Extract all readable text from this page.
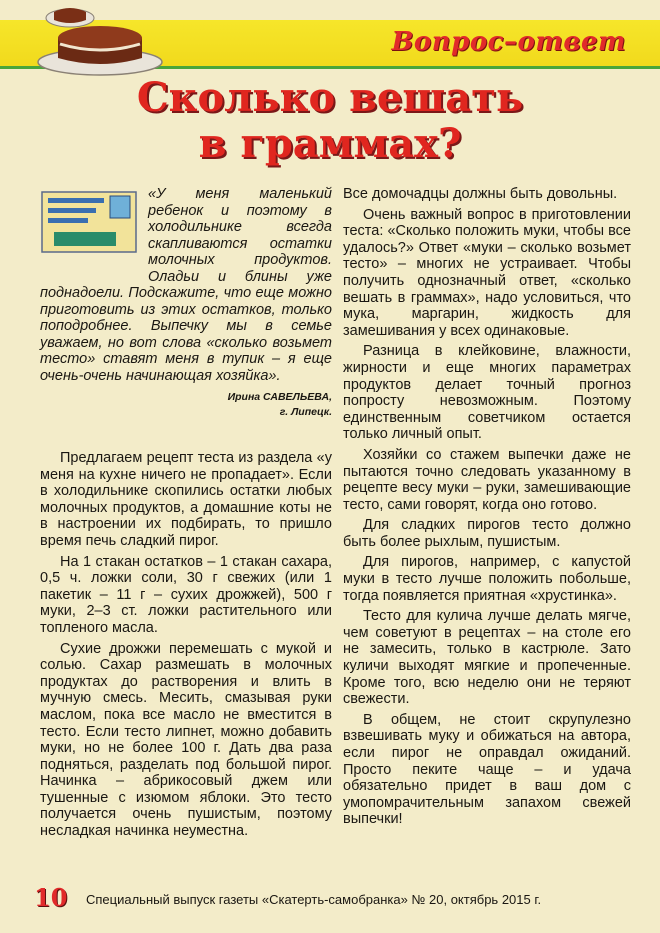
Вопрос–ответ
Сколько вешать
в граммах?
«У меня маленький ребенок и поэтому в холодильнике всегда скапливаются остатки молочных продуктов. Оладьи и блины уже поднадоели. Подскажите, что еще можно приготовить из этих остатков, только поподробнее. Выпечку мы в семье уважаем, но вот слова «сколько возьмет тесто» ставят меня в тупик – я еще очень-очень начинающая хозяйка».
Ирина САВЕЛЬЕВА,
г. Липецк.

Предлагаем рецепт теста из раздела «у меня на кухне ничего не пропадает». Если в холодильнике скопились остатки любых молочных продуктов, а домашние коты не в настроении их подбирать, то пришло время печь сладкий пирог.

На 1 стакан остатков – 1 стакан сахара, 0,5 ч. ложки соли, 30 г свежих (или 1 пакетик – 11 г – сухих дрожжей), 500 г муки, 2–3 ст. ложки растительного или топленого масла.

Сухие дрожжи перемешать с мукой и солью. Сахар размешать в молочных продуктах до растворения и влить в мучную смесь. Месить, смазывая руки маслом, пока все масло не вместится в тесто. Если тесто липнет, можно добавить муки, но не более 100 г. Дать два раза подняться, разделать под большой пирог. Начинка – абрикосовый джем или тушенные с изюмом яблоки. Это тесто получается очень пушистым, поэтому несладкая начинка неуместна.

Все домочадцы должны быть довольны.

Очень важный вопрос в приготовлении теста: «Сколько положить муки, чтобы все удалось?» Ответ «муки – сколько возьмет тесто» – многих не устраивает. Чтобы получить однозначный ответ, «сколько вешать в граммах», надо условиться, что мука, маргарин, жидкость для замешивания у всех одинаковые.

Разница в клейковине, влажности, жирности и еще многих параметрах продуктов делает точный прогноз попросту невозможным. Поэтому единственным советчиком остается только личный опыт.

Хозяйки со стажем выпечки даже не пытаются точно следовать указанному в рецепте весу муки – руки, замешивающие тесто, сами говорят, когда оно готово.

Для сладких пирогов тесто должно быть более рыхлым, пушистым.

Для пирогов, например, с капустой муки в тесто лучше положить побольше, тогда появляется приятная «хрустинка».

Тесто для кулича лучше делать мягче, чем советуют в рецептах – на столе его не замесить, только в кастрюле. Зато куличи выходят мягкие и пропеченные. Кроме того, всю неделю они не теряют свежести.

В общем, не стоит скрупулезно взвешивать муку и обижаться на автора, если пирог не оправдал ожиданий. Просто пеките чаще – и удача обязательно придет в ваш дом с умопомрачительным запахом свежей выпечки!

10 Специальный выпуск газеты «Скатерть-самобранка» № 20, октябрь 2015 г.
